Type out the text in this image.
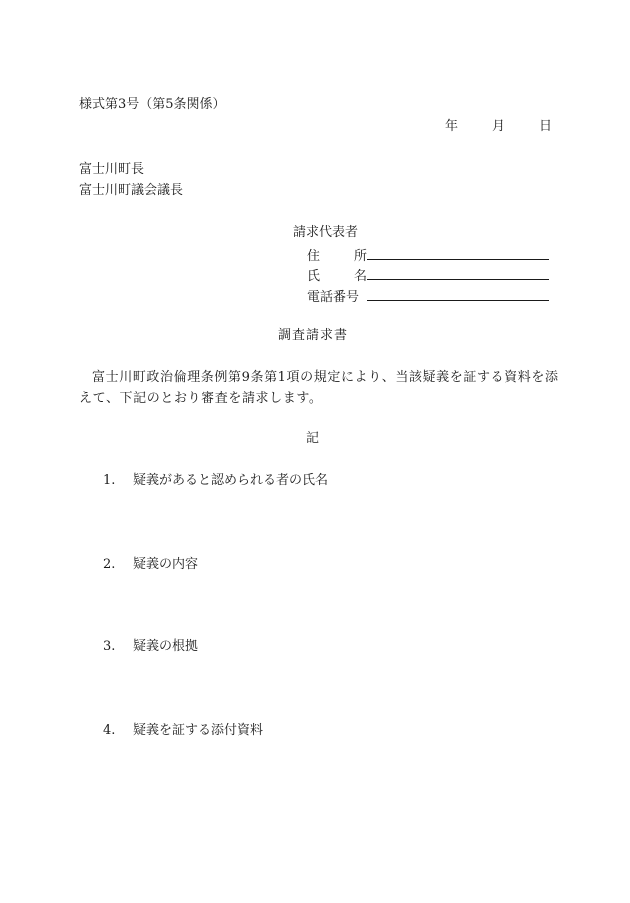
様式第3号（第5条関係）
年	月	日
富士川町長
富士川町議会議長
請求代表者
住　所
氏　名
電話番号
調査請求書
富士川町政治倫理条例第9条第1項の規定により、当該疑義を証する資料を添えて、下記のとおり審査を請求します。
記
1. 疑義があると認められる者の氏名
2. 疑義の内容
3. 疑義の根拠
4. 疑義を証する添付資料
